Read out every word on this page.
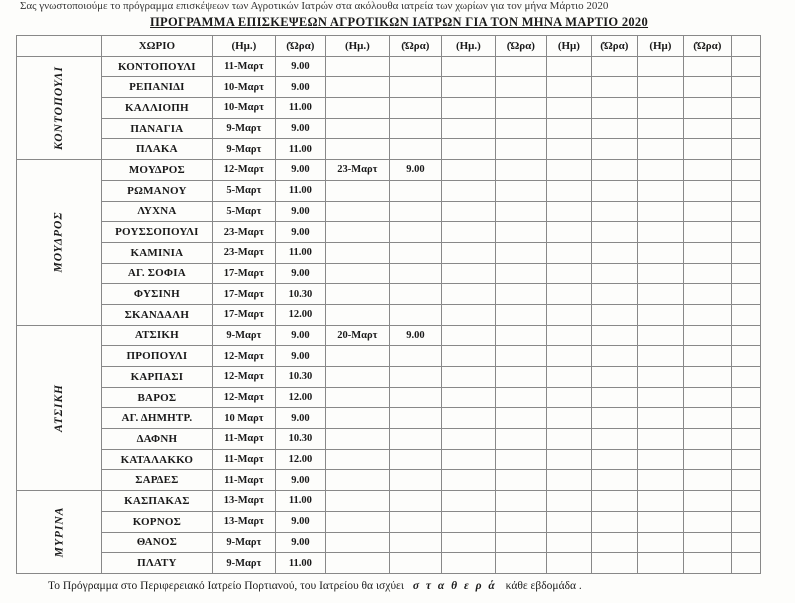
Σας γνωστοποιούμε το πρόγραμμα επισκέψεων των Αγροτικών Ιατρών στα ακόλουθα ιατρεία των χωρίων για τον μήνα Μάρτιο 2020
ΠΡΟΓΡΑΜΜΑ ΕΠΙΣΚΕΨΕΩΝ ΑΓΡΟΤΙΚΩΝ ΙΑΤΡΩΝ ΓΙΑ ΤΟΝ ΜΗΝΑ ΜΑΡΤΙΟ 2020
	ΧΩΡΙΟ	(Ημ.)	(Ώρα)	(Ημ.)	(Ώρα)	(Ημ.)	(Ώρα)	(Ημ)	(Ώρα)	(Ημ)	(Ώρα)	
ΚΟΝΤΟΠΟΥΛΙ	ΚΟΝΤΟΠΟΥΛΙ	11-Μαρτ	9.00									
	ΡΕΠΑΝΙΔΙ	10-Μαρτ	9.00									
	ΚΑΛΛΙΟΠΗ	10-Μαρτ	11.00									
	ΠΑΝΑΓΙΑ	9-Μαρτ	9.00									
	ΠΛΑΚΑ	9-Μαρτ	11.00									
ΜΟΥΔΡΟΣ	ΜΟΥΔΡΟΣ	12-Μαρτ	9.00	23-Μαρτ	9.00							
	ΡΩΜΑΝΟΥ	5-Μαρτ	11.00									
	ΛΥΧΝΑ	5-Μαρτ	9.00									
	ΡΟΥΣΣΟΠΟΥΛΙ	23-Μαρτ	9.00									
	ΚΑΜΙΝΙΑ	23-Μαρτ	11.00									
	ΑΓ. ΣΟΦΙΑ	17-Μαρτ	9.00									
	ΦΥΣΙΝΗ	17-Μαρτ	10.30									
	ΣΚΑΝΔΑΛΗ	17-Μαρτ	12.00									
ΑΤΣΙΚΗ	ΑΤΣΙΚΗ	9-Μαρτ	9.00	20-Μαρτ	9.00							
	ΠΡΟΠΟΥΛΙ	12-Μαρτ	9.00									
	ΚΑΡΠΑΣΙ	12-Μαρτ	10.30									
	ΒΑΡΟΣ	12-Μαρτ	12.00									
	ΑΓ. ΔΗΜΗΤΡ.	10 Μαρτ	9.00									
	ΔΑΦΝΗ	11-Μαρτ	10.30									
	ΚΑΤΑΛΑΚΚΟ	11-Μαρτ	12.00									
	ΣΑΡΔΕΣ	11-Μαρτ	9.00									
ΜΥΡΙΝΑ	ΚΑΣΠΑΚΑΣ	13-Μαρτ	11.00									
	ΚΟΡΝΟΣ	13-Μαρτ	9.00									
	ΘΑΝΟΣ	9-Μαρτ	9.00									
	ΠΛΑΤΥ	9-Μαρτ	11.00									
Το Πρόγραμμα στο Περιφερειακό Ιατρείο Πορτιανού, του Ιατρείου θα ισχύει σ τ α θ ε ρ ά κάθε εβδομάδα .
